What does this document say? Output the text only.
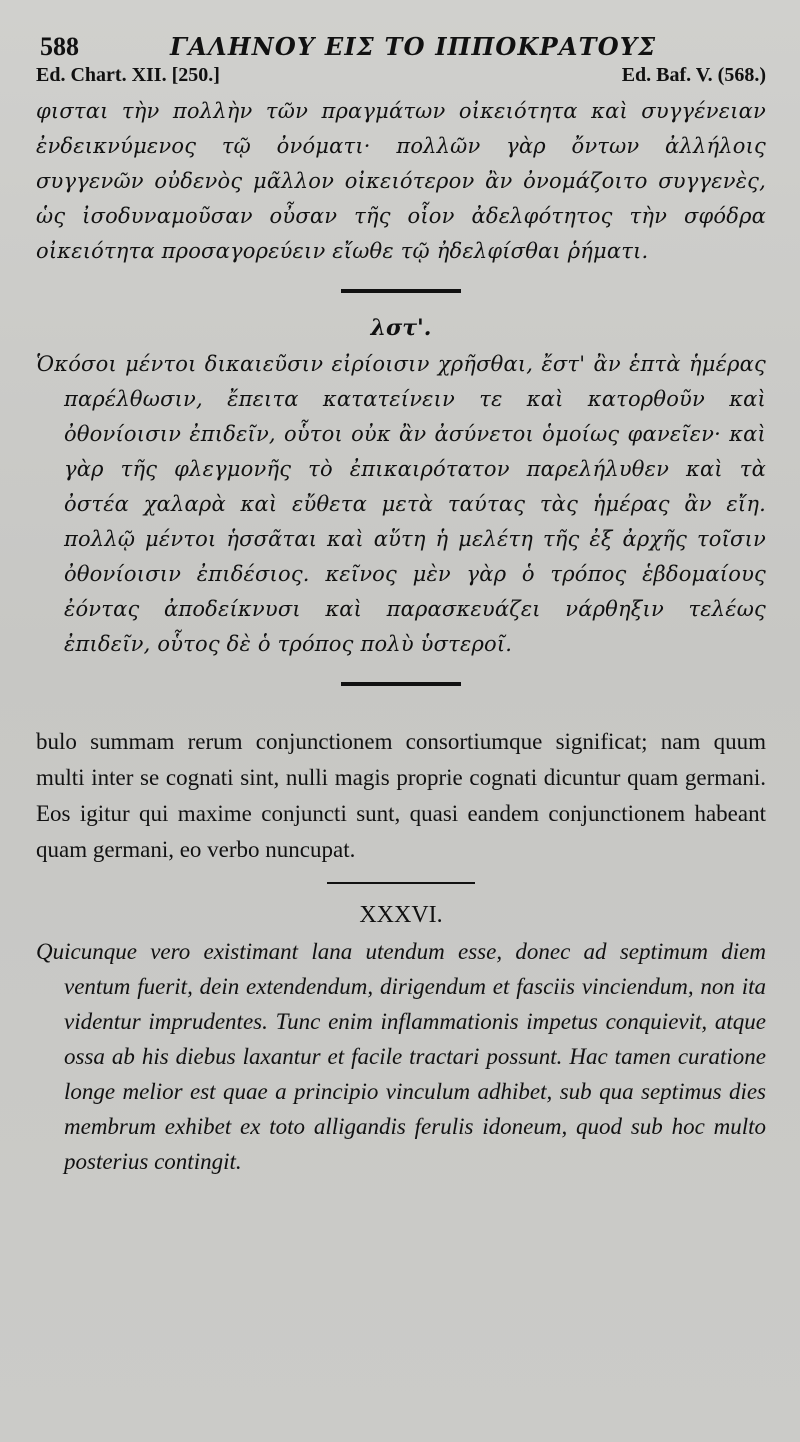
588	ΓΑΛΗΝΟΥ ΕΙΣ ΤΟ ΙΠΠΟΚΡΑΤΟΥΣ
Ed. Chart. XII. [250.]	Ed. Baf. V. (568.)

φισται τὴν πολλὴν τῶν πραγμάτων οἰκειότητα καὶ συγγένειαν ἐνδεικνύμενος τῷ ὀνόματι· πολλῶν γὰρ ὄντων ἀλλήλοις συγγενῶν οὐδενὸς μᾶλλον οἰκειότερον ἂν ὀνομάζοιτο συγγενὲς, ὡς ἰσοδυναμοῦσαν οὖσαν τῆς οἷον ἀδελφότητος τὴν σφόδρα οἰκειότητα προσαγορεύειν εἴωθε τῷ ἠδελφίσθαι ῥήματι.

λστ'.

Ὁκόσοι μέντοι δικαιεῦσιν εἰρίοισιν χρῆσθαι, ἔστ' ἂν ἑπτὰ ἡμέρας παρέλθωσιν, ἔπειτα κατατείνειν τε καὶ κατορθοῦν καὶ ὀθονίοισιν ἐπιδεῖν, οὗτοι οὐκ ἂν ἀσύνετοι ὁμοίως φανεῖεν· καὶ γὰρ τῆς φλεγμονῆς τὸ ἐπικαιρότατον παρελήλυθεν καὶ τὰ ὀστέα χαλαρὰ καὶ εὔθετα μετὰ ταύτας τὰς ἡμέρας ἂν εἴη. πολλῷ μέντοι ἡσσᾶται καὶ αὕτη ἡ μελέτη τῆς ἐξ ἀρχῆς τοῖσιν ὀθονίοισιν ἐπιδέσιος. κεῖνος μὲν γὰρ ὁ τρόπος ἑβδομαίους ἐόντας ἀποδείκνυσι καὶ παρασκευάζει νάρθηξιν τελέως ἐπιδεῖν, οὗτος δὲ ὁ τρόπος πολὺ ὑστεροῖ.

bulo summam rerum conjunctionem consortiumque significat; nam quum multi inter se cognati sint, nulli magis proprie cognati dicuntur quam germani. Eos igitur qui maxime conjuncti sunt, quasi eandem conjunctionem habeant quam germani, eo verbo nuncupat.

XXXVI.

Quicunque vero existimant lana utendum esse, donec ad septimum diem ventum fuerit, dein extendendum, dirigendum et fasciis vinciendum, non ita videntur imprudentes. Tunc enim inflammationis impetus conquievit, atque ossa ab his diebus laxantur et facile tractari possunt. Hac tamen curatione longe melior est quae a principio vinculum adhibet, sub qua septimus dies membrum exhibet ex toto alligandis ferulis idoneum, quod sub hoc multo posterius contingit.
